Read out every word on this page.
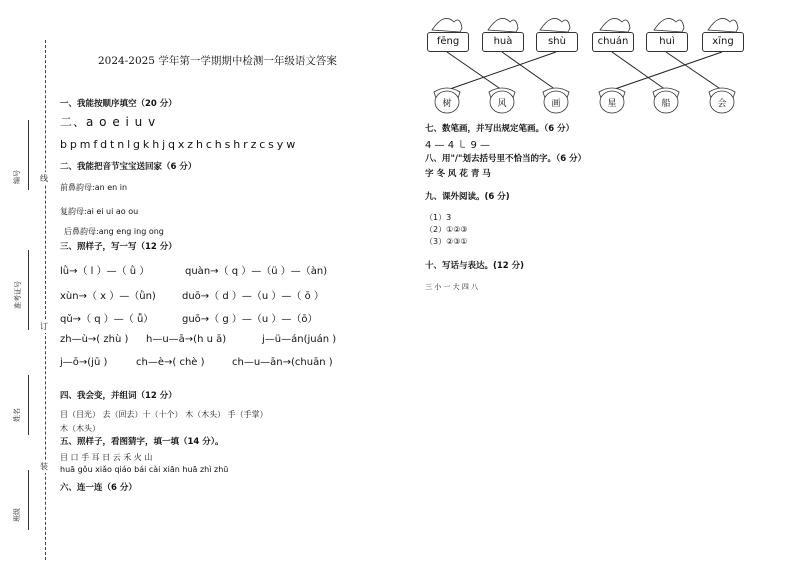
编号
准考证号
姓名
班级
线
订
装
2024-2025 学年第一学期期中检测一年级语文答案
一、我能按顺序填空（20 分）
二、a o e i u v
b p m f d t n l g k h j q x z h c h s h r z c s y w
二、我能把音节宝宝送回家（6 分）
前鼻韵母:an en in
复韵母:ai ei ui ao ou
后鼻韵母:ang eng ing ong
三、照样子，写一写（12 分）
lǜ→（ l ）—（ ǜ ）	quàn→（ q ）—（ü ）—（àn)
xùn→（ x ）—（ǜn)	duō→（ d ）—（u ）—（ ō ）
qǔ→（ q ）—（ ǚ）	guō→（ g ）—（u ）—（ō）
zh—ù→( zhù ) h—u—ā→(h u ā)	j—ü—án(juán )
j—ō→(jū )	ch—è→( chè )	ch—u—ān→(chuān )
四、我会变，并组词（12 分）
目（目光） 去（回去）十（十个） 木（木头） 手（手掌）
木（木头）
五、照样子，看图猜字，填一填（14 分）。
目 口 手 耳 日 云 禾 火 山
huā gǒu xiǎo qiáo bái cài xiān huā zhì zhū
六、连一连（6 分）
fēng	huà	shù	chuán	huì	xīng
树	风	画	星	船	会
七、数笔画，并写出规定笔画。（6 分）
4 — 4 ㇄ 9 —
八、用"/"划去括号里不恰当的字。（6 分）
字 冬 风 花 青 马
九、课外阅读。(6 分)
（1）3
（2）①②③
（3）②③①
十、写话与表达。(12 分)
三 小 一 大 四 八
